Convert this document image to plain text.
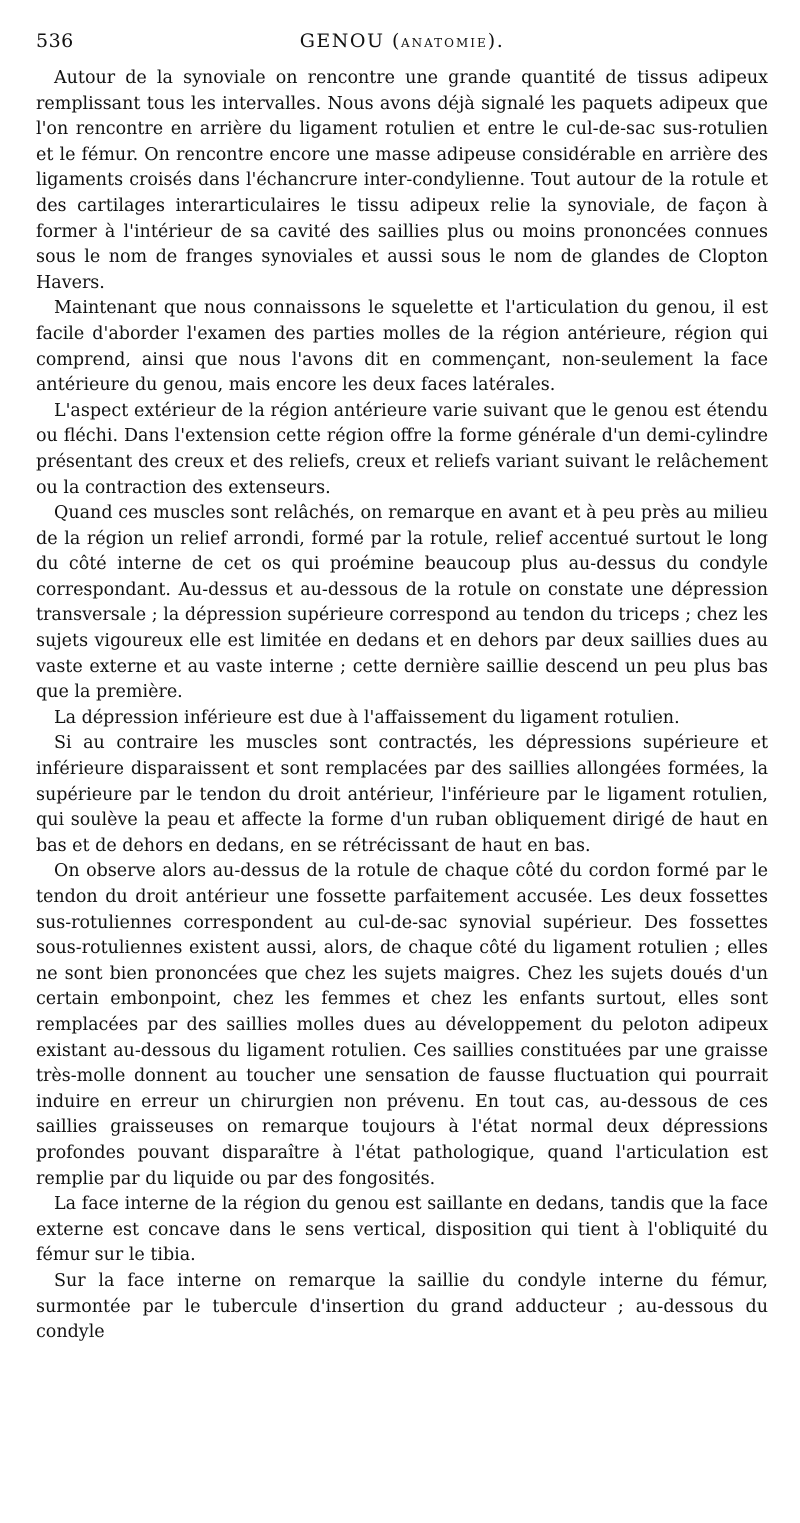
536	GENOU (ANATOMIE).

Autour de la synoviale on rencontre une grande quantité de tissus adipeux remplissant tous les intervalles. Nous avons déjà signalé les paquets adipeux que l'on rencontre en arrière du ligament rotulien et entre le cul-de-sac sus-rotulien et le fémur. On rencontre encore une masse adipeuse considérable en arrière des ligaments croisés dans l'échancrure inter-condylienne. Tout autour de la rotule et des cartilages interarticulaires le tissu adipeux relie la synoviale, de façon à former à l'intérieur de sa cavité des saillies plus ou moins prononcées connues sous le nom de franges synoviales et aussi sous le nom de glandes de Clopton Havers.

Maintenant que nous connaissons le squelette et l'articulation du genou, il est facile d'aborder l'examen des parties molles de la région antérieure, région qui comprend, ainsi que nous l'avons dit en commençant, non-seulement la face antérieure du genou, mais encore les deux faces latérales.

L'aspect extérieur de la région antérieure varie suivant que le genou est étendu ou fléchi. Dans l'extension cette région offre la forme générale d'un demi-cylindre présentant des creux et des reliefs, creux et reliefs variant suivant le relâchement ou la contraction des extenseurs.

Quand ces muscles sont relâchés, on remarque en avant et à peu près au milieu de la région un relief arrondi, formé par la rotule, relief accentué surtout le long du côté interne de cet os qui proémine beaucoup plus au-dessus du condyle correspondant. Au-dessus et au-dessous de la rotule on constate une dépression transversale ; la dépression supérieure correspond au tendon du triceps ; chez les sujets vigoureux elle est limitée en dedans et en dehors par deux saillies dues au vaste externe et au vaste interne ; cette dernière saillie descend un peu plus bas que la première.

La dépression inférieure est due à l'affaissement du ligament rotulien.

Si au contraire les muscles sont contractés, les dépressions supérieure et inférieure disparaissent et sont remplacées par des saillies allongées formées, la supérieure par le tendon du droit antérieur, l'inférieure par le ligament rotulien, qui soulève la peau et affecte la forme d'un ruban obliquement dirigé de haut en bas et de dehors en dedans, en se rétrécissant de haut en bas.

On observe alors au-dessus de la rotule de chaque côté du cordon formé par le tendon du droit antérieur une fossette parfaitement accusée. Les deux fossettes sus-rotuliennes correspondent au cul-de-sac synovial supérieur. Des fossettes sous-rotuliennes existent aussi, alors, de chaque côté du ligament rotulien ; elles ne sont bien prononcées que chez les sujets maigres. Chez les sujets doués d'un certain embonpoint, chez les femmes et chez les enfants surtout, elles sont remplacées par des saillies molles dues au développement du peloton adipeux existant au-dessous du ligament rotulien. Ces saillies constituées par une graisse très-molle donnent au toucher une sensation de fausse fluctuation qui pourrait induire en erreur un chirurgien non prévenu. En tout cas, au-dessous de ces saillies graisseuses on remarque toujours à l'état normal deux dépressions profondes pouvant disparaître à l'état pathologique, quand l'articulation est remplie par du liquide ou par des fongosités.

La face interne de la région du genou est saillante en dedans, tandis que la face externe est concave dans le sens vertical, disposition qui tient à l'obliquité du fémur sur le tibia.

Sur la face interne on remarque la saillie du condyle interne du fémur, surmontée par le tubercule d'insertion du grand adducteur ; au-dessous du condyle
